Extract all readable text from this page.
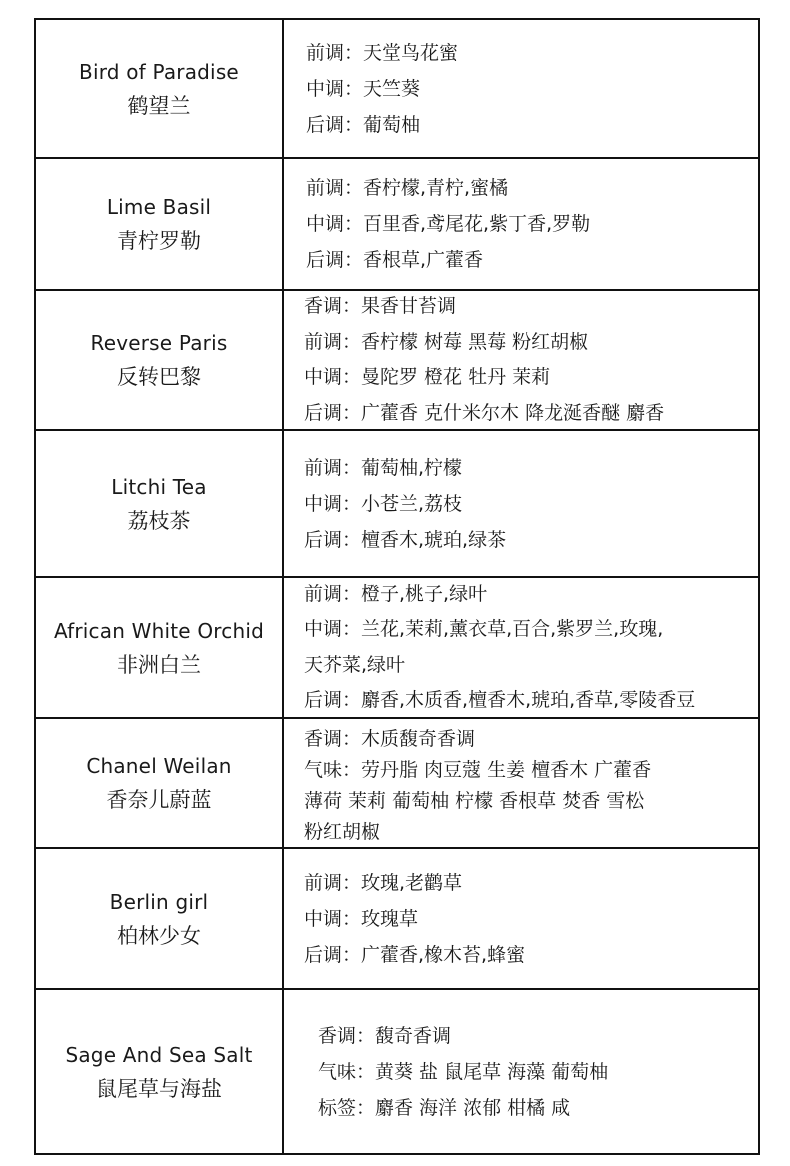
Bird of Paradise
鹤望兰
前调：天堂鸟花蜜
中调：天竺葵
后调：葡萄柚
Lime Basil
青柠罗勒
前调：香柠檬,青柠,蜜橘
中调：百里香,鸢尾花,紫丁香,罗勒
后调：香根草,广藿香
Reverse Paris
反转巴黎
香调：果香甘苔调
前调：香柠檬 树莓 黑莓 粉红胡椒
中调：曼陀罗 橙花 牡丹 茉莉
后调：广藿香 克什米尔木 降龙涎香醚 麝香
Litchi Tea
荔枝茶
前调：葡萄柚,柠檬
中调：小苍兰,荔枝
后调：檀香木,琥珀,绿茶
African White Orchid
非洲白兰
前调：橙子,桃子,绿叶
中调：兰花,茉莉,薰衣草,百合,紫罗兰,玫瑰,
天芥菜,绿叶
后调：麝香,木质香,檀香木,琥珀,香草,零陵香豆
Chanel Weilan
香奈儿蔚蓝
香调：木质馥奇香调
气味：劳丹脂 肉豆蔻 生姜 檀香木 广藿香
薄荷 茉莉 葡萄柚 柠檬 香根草 焚香 雪松
粉红胡椒
Berlin girl
柏林少女
前调：玫瑰,老鹳草
中调：玫瑰草
后调：广藿香,橡木苔,蜂蜜
Sage And Sea Salt
鼠尾草与海盐
香调：馥奇香调
气味：黄葵 盐 鼠尾草 海藻 葡萄柚
标签：麝香 海洋 浓郁 柑橘 咸
